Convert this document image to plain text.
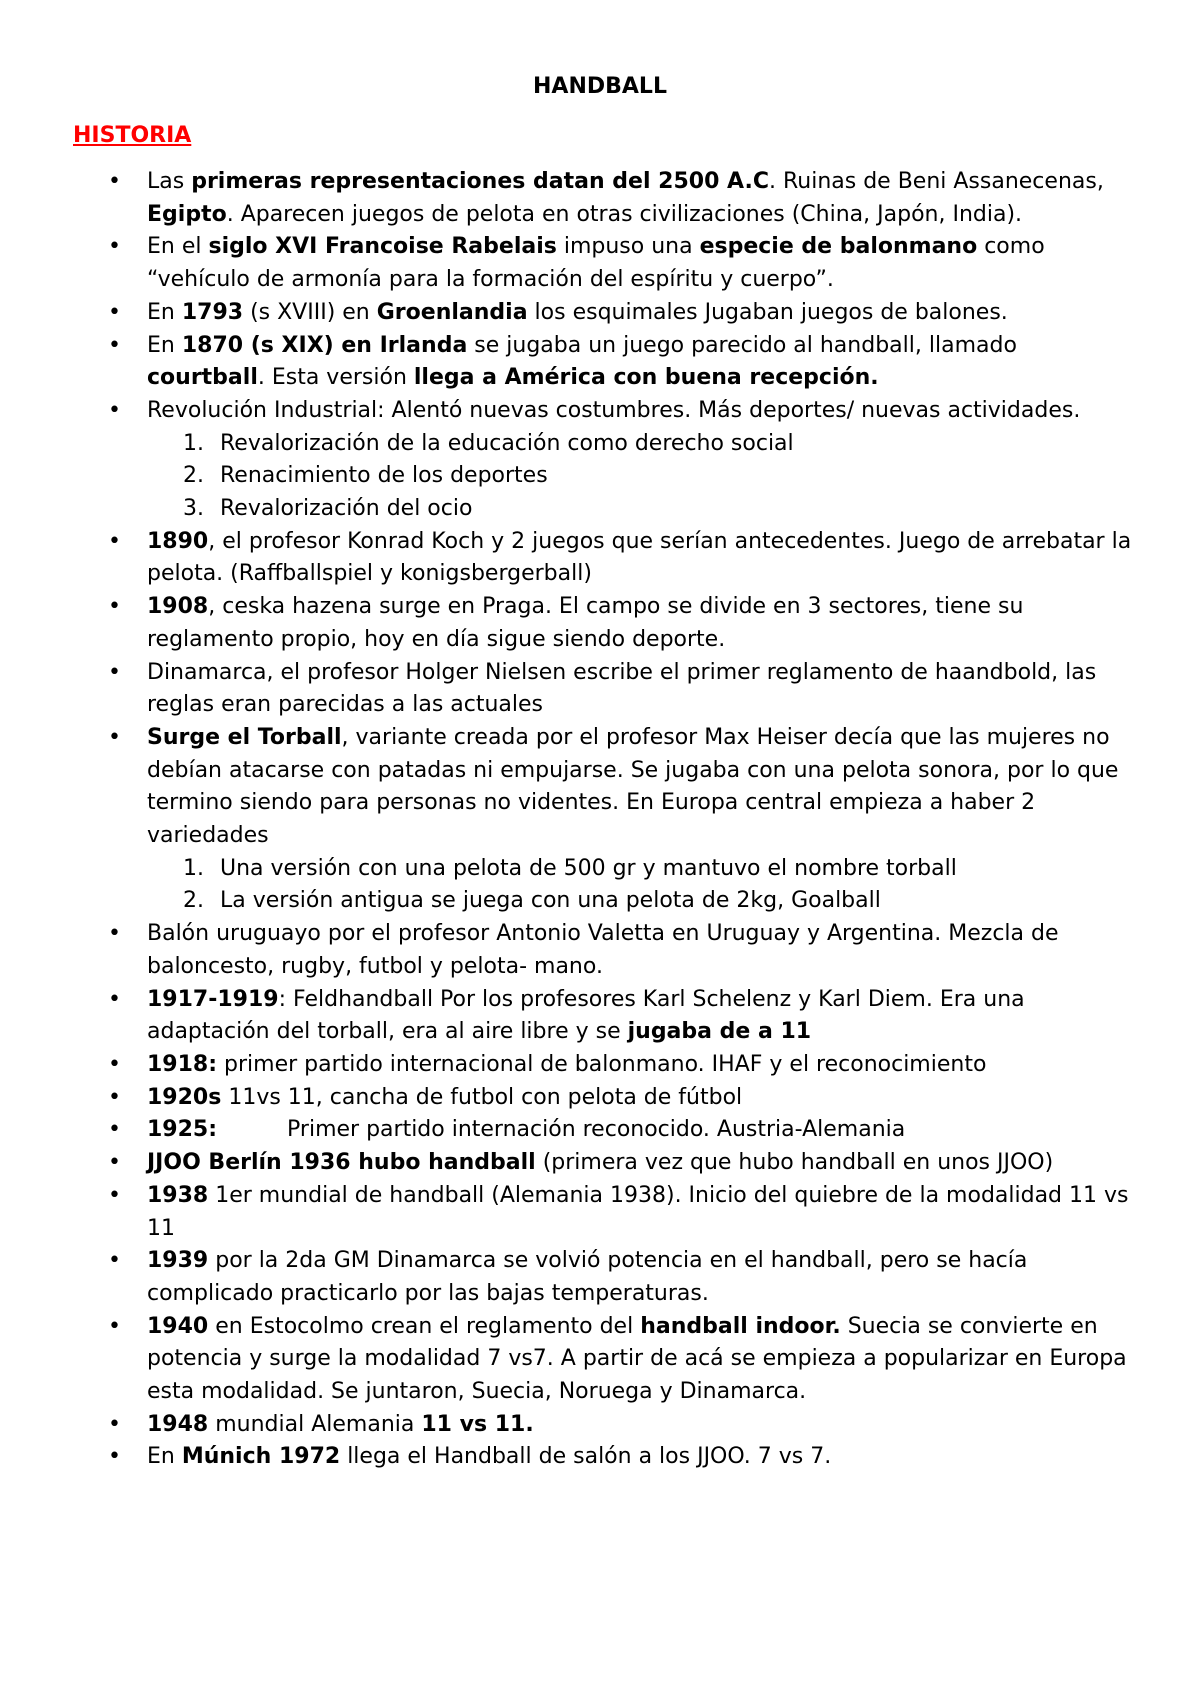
HANDBALL
HISTORIA
• Las primeras representaciones datan del 2500 A.C. Ruinas de Beni Assanecenas, Egipto. Aparecen juegos de pelota en otras civilizaciones (China, Japón, India).
• En el siglo XVI Francoise Rabelais impuso una especie de balonmano como “vehículo de armonía para la formación del espíritu y cuerpo”.
• En 1793 (s XVIII) en Groenlandia los esquimales Jugaban juegos de balones.
• En 1870 (s XIX) en Irlanda se jugaba un juego parecido al handball, llamado courtball. Esta versión llega a América con buena recepción.
• Revolución Industrial: Alentó nuevas costumbres. Más deportes/ nuevas actividades.
1. Revalorización de la educación como derecho social
2. Renacimiento de los deportes
3. Revalorización del ocio
• 1890, el profesor Konrad Koch y 2 juegos que serían antecedentes. Juego de arrebatar la pelota. (Raffballspiel y konigsbergerball)
• 1908, ceska hazena surge en Praga. El campo se divide en 3 sectores, tiene su reglamento propio, hoy en día sigue siendo deporte.
• Dinamarca, el profesor Holger Nielsen escribe el primer reglamento de haandbold, las reglas eran parecidas a las actuales
• Surge el Torball, variante creada por el profesor Max Heiser decía que las mujeres no debían atacarse con patadas ni empujarse. Se jugaba con una pelota sonora, por lo que termino siendo para personas no videntes. En Europa central empieza a haber 2 variedades
1. Una versión con una pelota de 500 gr y mantuvo el nombre torball
2. La versión antigua se juega con una pelota de 2kg, Goalball
• Balón uruguayo por el profesor Antonio Valetta en Uruguay y Argentina. Mezcla de baloncesto, rugby, futbol y pelota- mano.
• 1917-1919: Feldhandball Por los profesores Karl Schelenz y Karl Diem. Era una adaptación del torball, era al aire libre y se jugaba de a 11
• 1918: primer partido internacional de balonmano. IHAF y el reconocimiento
• 1920s 11vs 11, cancha de futbol con pelota de fútbol
• 1925:	Primer partido internación reconocido. Austria-Alemania
• JJOO Berlín 1936 hubo handball (primera vez que hubo handball en unos JJOO)
• 1938 1er mundial de handball (Alemania 1938). Inicio del quiebre de la modalidad 11 vs 11
• 1939 por la 2da GM Dinamarca se volvió potencia en el handball, pero se hacía complicado practicarlo por las bajas temperaturas.
• 1940 en Estocolmo crean el reglamento del handball indoor. Suecia se convierte en potencia y surge la modalidad 7 vs7. A partir de acá se empieza a popularizar en Europa esta modalidad. Se juntaron, Suecia, Noruega y Dinamarca.
• 1948 mundial Alemania 11 vs 11.
• En Múnich 1972 llega el Handball de salón a los JJOO. 7 vs 7.
